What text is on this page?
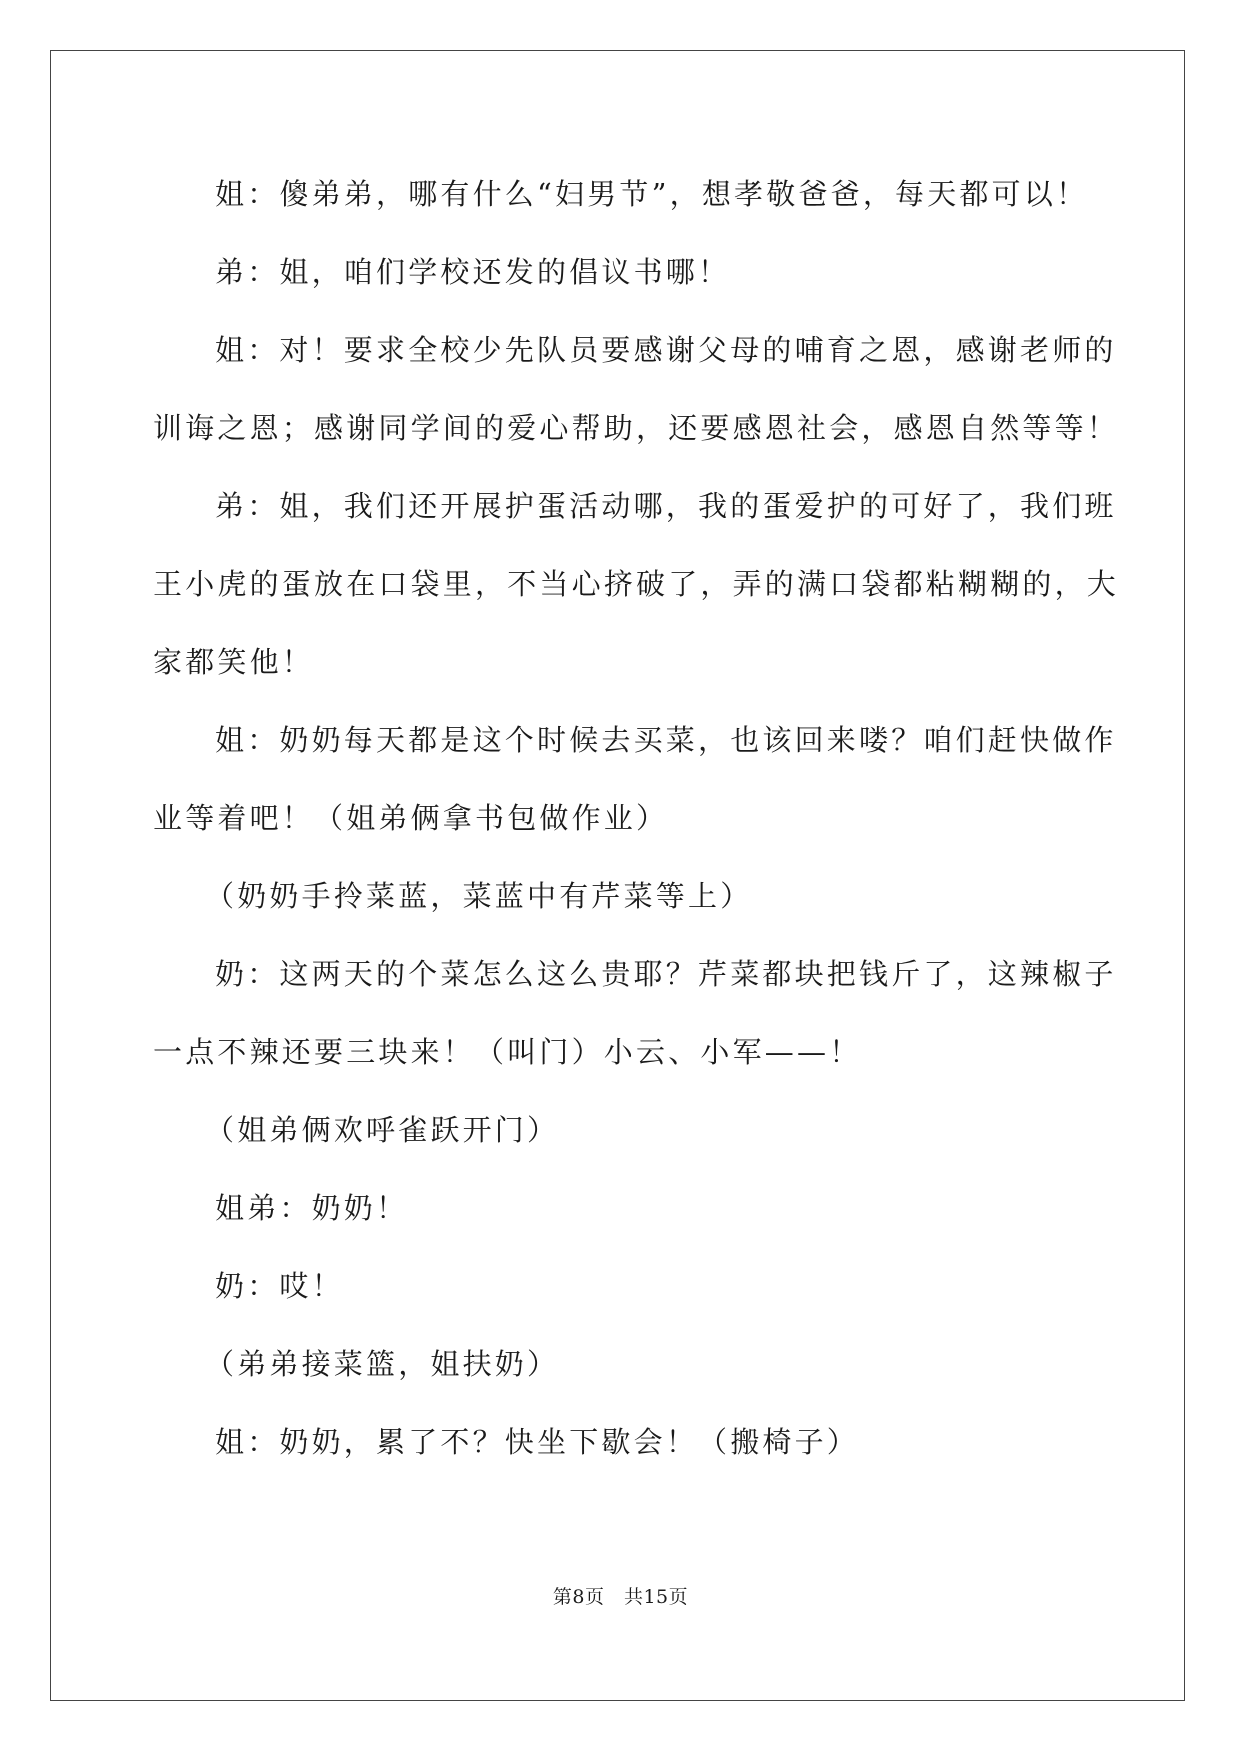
姐：傻弟弟，哪有什么“妇男节”，想孝敬爸爸，每天都可以！
弟：姐，咱们学校还发的倡议书哪！
姐：对！要求全校少先队员要感谢父母的哺育之恩，感谢老师的
训诲之恩；感谢同学间的爱心帮助，还要感恩社会，感恩自然等等！
弟：姐，我们还开展护蛋活动哪，我的蛋爱护的可好了，我们班
王小虎的蛋放在口袋里，不当心挤破了，弄的满口袋都粘糊糊的，大
家都笑他！
姐：奶奶每天都是这个时候去买菜，也该回来喽？咱们赶快做作
业等着吧！（姐弟俩拿书包做作业）
（奶奶手拎菜蓝，菜蓝中有芹菜等上）
奶：这两天的个菜怎么这么贵耶？芹菜都块把钱斤了，这辣椒子
一点不辣还要三块来！（叫门）小云、小军——！
（姐弟俩欢呼雀跃开门）
姐弟：奶奶！
奶：哎！
（弟弟接菜篮，姐扶奶）
姐：奶奶，累了不？快坐下歇会！（搬椅子）
第8页　共15页
